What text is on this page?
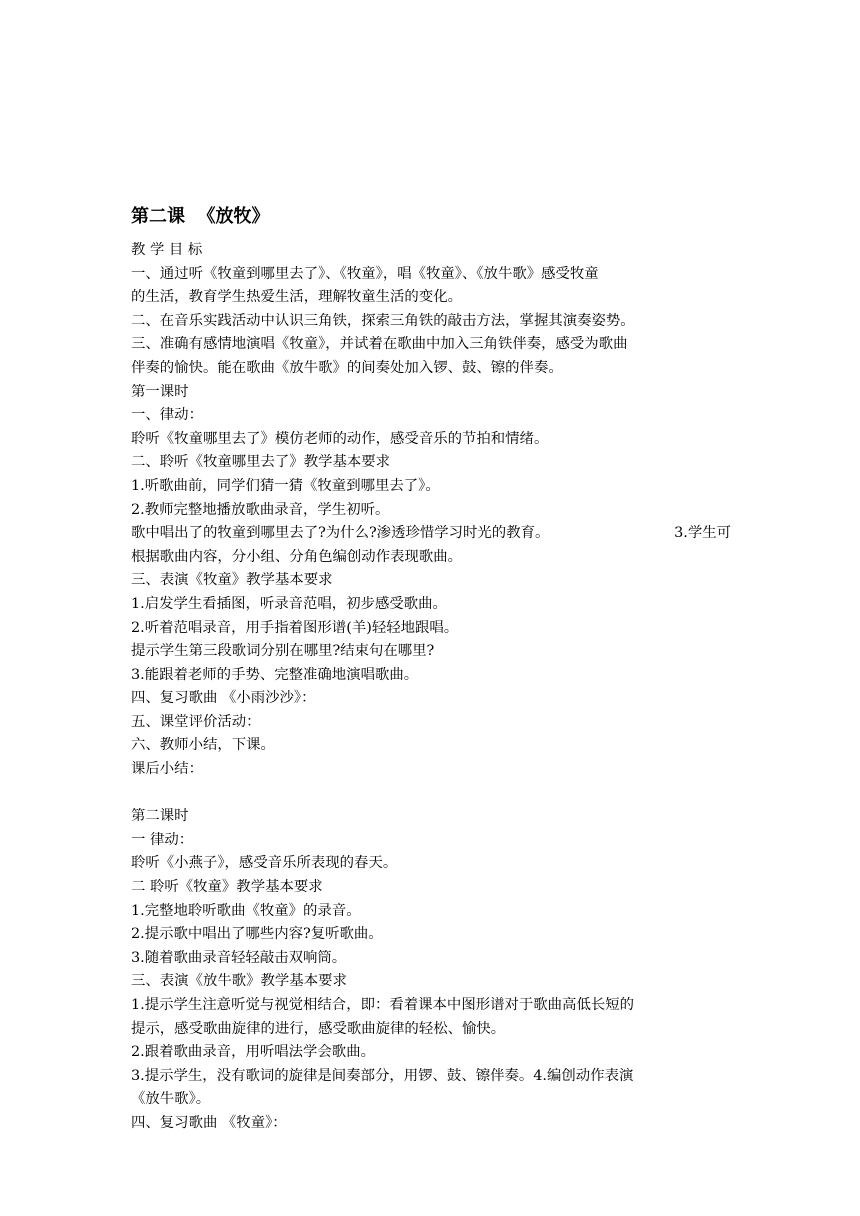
第二课  《放牧》

教 学 目 标

一、通过听《牧童到哪里去了》、《牧童》，唱《牧童》、《放牛歌》感受牧童

的生活，教育学生热爱生活，理解牧童生活的变化。

二、在音乐实践活动中认识三角铁，探索三角铁的敲击方法，掌握其演奏姿势。

三、准确有感情地演唱《牧童》，并试着在歌曲中加入三角铁伴奏，感受为歌曲

伴奏的愉快。能在歌曲《放牛歌》的间奏处加入锣、鼓、镲的伴奏。

第一课时

一、律动：

聆听《牧童哪里去了》模仿老师的动作，感受音乐的节拍和情绪。

二、聆听《牧童哪里去了》教学基本要求

1.听歌曲前，同学们猜一猜《牧童到哪里去了》。

2.教师完整地播放歌曲录音，学生初听。

歌中唱出了的牧童到哪里去了?为什么?渗透珍惜学习时光的教育。	3.学生可

根据歌曲内容，分小组、分角色编创动作表现歌曲。

三、表演《牧童》教学基本要求

1.启发学生看插图，听录音范唱，初步感受歌曲。

2.听着范唱录音，用手指着图形谱(羊)轻轻地跟唱。

提示学生第三段歌词分别在哪里?结束句在哪里?

3.能跟着老师的手势、完整准确地演唱歌曲。

四、复习歌曲 《小雨沙沙》：

五、课堂评价活动：

六、教师小结，下课。

课后小结：

第二课时

一 律动：

聆听《小燕子》，感受音乐所表现的春天。

二 聆听《牧童》教学基本要求

1.完整地聆听歌曲《牧童》的录音。

2.提示歌中唱出了哪些内容?复听歌曲。

3.随着歌曲录音轻轻敲击双响筒。

三、表演《放牛歌》教学基本要求

1.提示学生注意听觉与视觉相结合，即：看着课本中图形谱对于歌曲高低长短的

提示，感受歌曲旋律的进行，感受歌曲旋律的轻松、愉快。

2.跟着歌曲录音，用听唱法学会歌曲。

3.提示学生，没有歌词的旋律是间奏部分，用锣、鼓、镲伴奏。4.编创动作表演

《放牛歌》。

四、复习歌曲 《牧童》：
